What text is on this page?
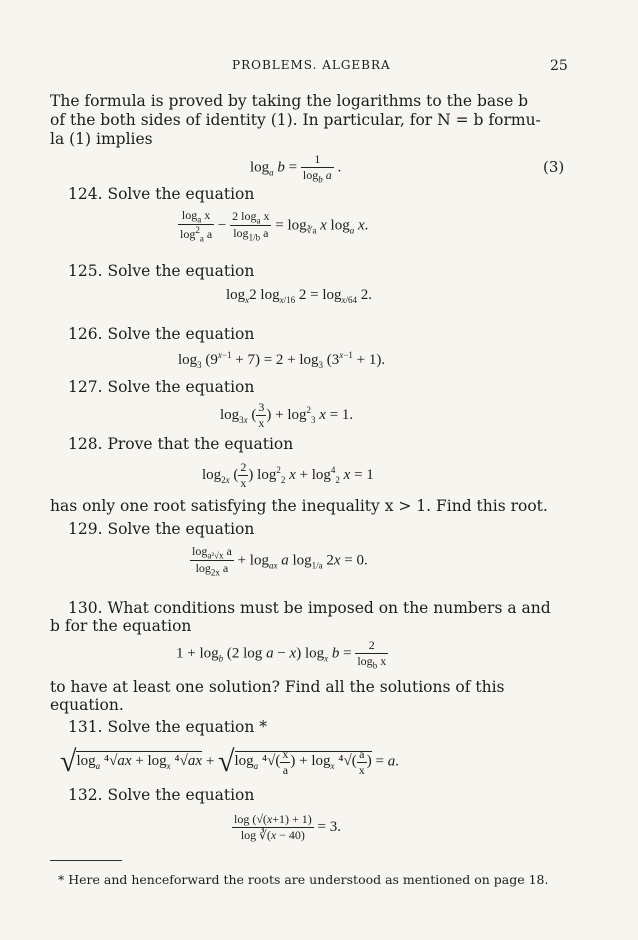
PROBLEMS. ALGEBRA	25
The formula is proved by taking the logarithms to the base b
of the both sides of identity (1). In particular, for N = b formu-
la (1) implies
$\log_a b = \frac{1}{\log_b a}$ .	(3)
124. Solve the equation
$\frac{\log_a x}{\log^2_a a} - \frac{2 \log_a x}{\log_{1/b} a} = \log_{∛a} x$ $\log_a x$.
125. Solve the equation
$\log_x2$ $\log_{x/16} 2 = \log_{x/64} 2$.
126. Solve the equation
$\log_3 (9^{x-1} + 7) = 2 + \log_3 (3^{x-1} + 1)$.
127. Solve the equation
$\log_{3x}$ ( $\frac{3}{x}$ ) + $\log^2_3 x = 1$.
128. Prove that the equation
$\log_{2x}$ ( $\frac{2}{x}$ ) $\log^2_2 x + \log^4_2 x = 1$
has only one root satisfying the inequality x > 1. Find this root.
129. Solve the equation
$\frac{\log_{a^2√x} a}{\log_{2x} a} + \log_{ax} a$ $\log_{1/a} 2x = 0$.
130. What conditions must be imposed on the numbers a and
b for the equation
$1 + \log_b (2$ log a − x) $\log_x b = \frac{2}{\log_b x}$
to have at least one solution? Find all the solutions of this
equation.
131. Solve the equation *
$√\log_a$ $^4√ax + \log_x ^4√ax + √\log_a$ $^4√( \frac{x}{a}$ ) + $\log_x ^4√( \frac{a}{x}$ ) = a.
132. Solve the equation
$\frac{\log (√(x+1) + 1)}{\log ∛(x - 40)} = 3$.
* Here and henceforward the roots are understood as mentioned on page 18.
